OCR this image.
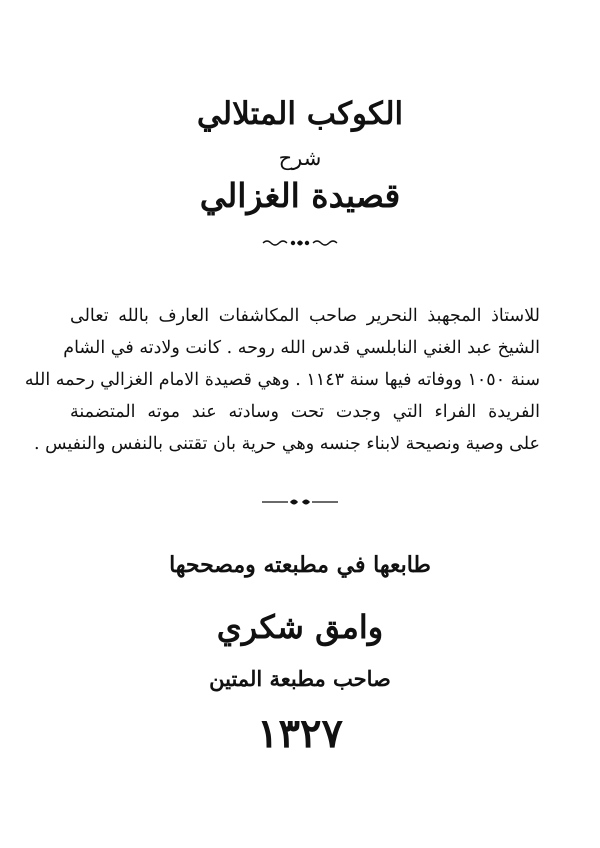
الكوكب المتلالي
شرح
قصيدة الغزالي
للاستاذ المجهبذ النحرير صاحب المكاشفات العارف بالله تعالى
الشيخ عبد الغني النابلسي قدس الله روحه . كانت ولادته في الشام
سنة ١٠٥٠ ووفاته فيها سنة ١١٤٣ . وهي قصيدة الامام الغزالي رحمه الله
الفريدة الفراء التي وجدت تحت وسادته عند موته المتضمنة
على وصية ونصيحة لابناء جنسه وهي حرية بان تقتنى بالنفس والنفيس .
طابعها في مطبعته ومصححها
وامق شكري
صاحب مطبعة المتين
١٣٢٧
